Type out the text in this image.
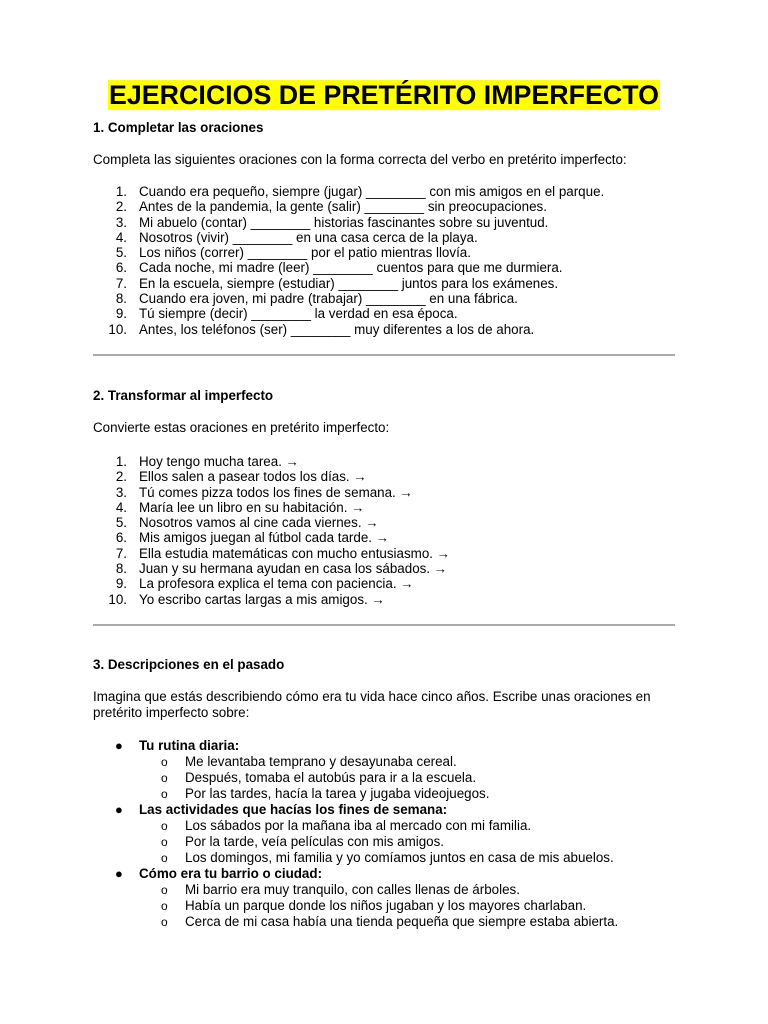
EJERCICIOS DE PRETÉRITO IMPERFECTO
1. Completar las oraciones

Completa las siguientes oraciones con la forma correcta del verbo en pretérito imperfecto:

1. Cuando era pequeño, siempre (jugar) ________ con mis amigos en el parque.
2. Antes de la pandemia, la gente (salir) ________ sin preocupaciones.
3. Mi abuelo (contar) ________ historias fascinantes sobre su juventud.
4. Nosotros (vivir) ________ en una casa cerca de la playa.
5. Los niños (correr) ________ por el patio mientras llovía.
6. Cada noche, mi madre (leer) ________ cuentos para que me durmiera.
7. En la escuela, siempre (estudiar) ________ juntos para los exámenes.
8. Cuando era joven, mi padre (trabajar) ________ en una fábrica.
9. Tú siempre (decir) ________ la verdad en esa época.
10. Antes, los teléfonos (ser) ________ muy diferentes a los de ahora.
2. Transformar al imperfecto

Convierte estas oraciones en pretérito imperfecto:

1. Hoy tengo mucha tarea. →
2. Ellos salen a pasear todos los días. →
3. Tú comes pizza todos los fines de semana. →
4. María lee un libro en su habitación. →
5. Nosotros vamos al cine cada viernes. →
6. Mis amigos juegan al fútbol cada tarde. →
7. Ella estudia matemáticas con mucho entusiasmo. →
8. Juan y su hermana ayudan en casa los sábados. →
9. La profesora explica el tema con paciencia. →
10. Yo escribo cartas largas a mis amigos. →
3. Descripciones en el pasado

Imagina que estás describiendo cómo era tu vida hace cinco años. Escribe unas oraciones en pretérito imperfecto sobre:

● Tu rutina diaria:
o Me levantaba temprano y desayunaba cereal.
o Después, tomaba el autobús para ir a la escuela.
o Por las tardes, hacía la tarea y jugaba videojuegos.
● Las actividades que hacías los fines de semana:
o Los sábados por la mañana iba al mercado con mi familia.
o Por la tarde, veía películas con mis amigos.
o Los domingos, mi familia y yo comíamos juntos en casa de mis abuelos.
● Cómo era tu barrio o ciudad:
o Mi barrio era muy tranquilo, con calles llenas de árboles.
o Había un parque donde los niños jugaban y los mayores charlaban.
o Cerca de mi casa había una tienda pequeña que siempre estaba abierta.
